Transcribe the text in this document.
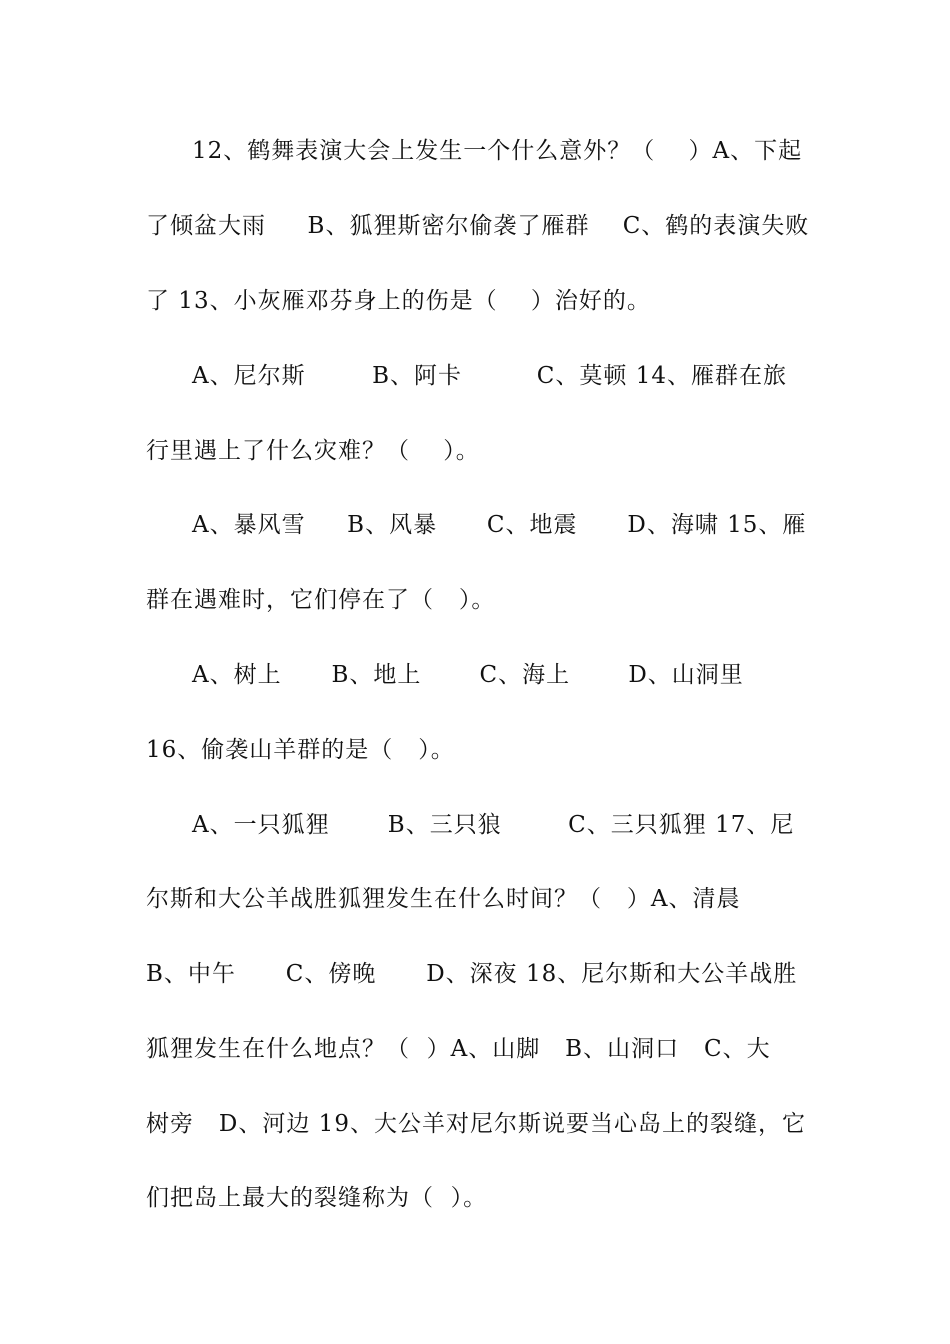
12、鹤舞表演大会上发生一个什么意外？（    ）A、下起
了倾盆大雨     B、狐狸斯密尔偷袭了雁群    C、鹤的表演失败
了 13、小灰雁邓芬身上的伤是（    ）治好的。
A、尼尔斯        B、阿卡         C、莫顿 14、雁群在旅
行里遇上了什么灾难？（    ）。
A、暴风雪     B、风暴      C、地震      D、海啸 15、雁
群在遇难时，它们停在了（   ）。
A、树上      B、地上       C、海上       D、山洞里
16、偷袭山羊群的是（   ）。
A、一只狐狸       B、三只狼        C、三只狐狸 17、尼
尔斯和大公羊战胜狐狸发生在什么时间？（   ）A、清晨
B、中午      C、傍晚      D、深夜 18、尼尔斯和大公羊战胜
狐狸发生在什么地点？（  ）A、山脚   B、山洞口   C、大
树旁   D、河边 19、大公羊对尼尔斯说要当心岛上的裂缝，它
们把岛上最大的裂缝称为（  ）。
